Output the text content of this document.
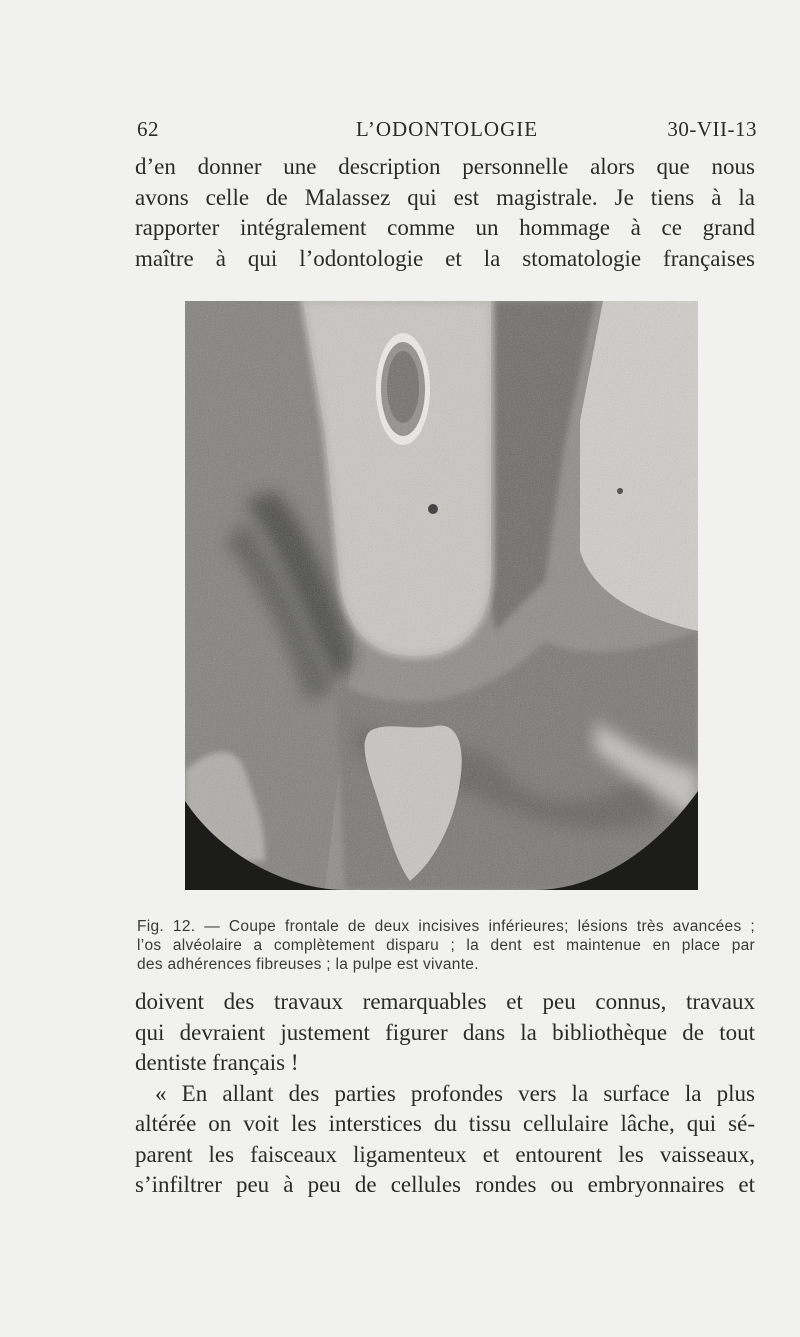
62	L’ODONTOLOGIE	30-VII-13
d’en donner une description personnelle alors que nous
avons celle de Malassez qui est magistrale. Je tiens à la
rapporter intégralement comme un hommage à ce grand
maître à qui l’odontologie et la stomatologie françaises
Fig. 12. — Coupe frontale de deux incisives inférieures; lésions très avancées ;
l’os alvéolaire a complètement disparu ; la dent est maintenue en place par
des adhérences fibreuses ; la pulpe est vivante.
doivent des travaux remarquables et peu connus, travaux
qui devraient justement figurer dans la bibliothèque de tout
dentiste français !
« En allant des parties profondes vers la surface la plus
altérée on voit les interstices du tissu cellulaire lâche, qui sé-
parent les faisceaux ligamenteux et entourent les vaisseaux,
s’infiltrer peu à peu de cellules rondes ou embryonnaires et
